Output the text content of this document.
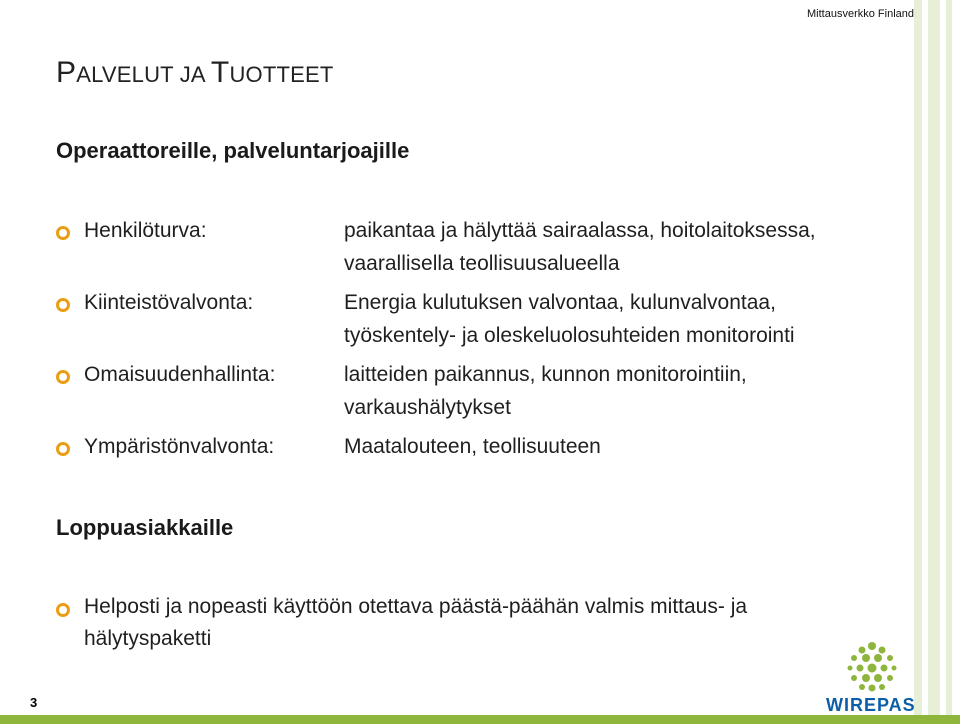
Mittausverkko Finland
PALVELUT JA TUOTTEET
Operaattoreille, palveluntarjoajille
Henkilöturva:	paikantaa ja hälyttää sairaalassa, hoitolaitoksessa,
vaarallisella teollisuusalueella
Kiinteistövalvonta:	Energia kulutuksen valvontaa, kulunvalvontaa,
työskentely- ja oleskeluolosuhteiden monitorointi
Omaisuudenhallinta:	laitteiden paikannus, kunnon monitorointiin,
varkaushälytykset
Ympäristönvalvonta:	Maatalouteen, teollisuuteen
Loppuasiakkaille
Helposti ja nopeasti käyttöön otettava päästä-päähän valmis mittaus- ja
hälytyspaketti
3	WIREPAS
